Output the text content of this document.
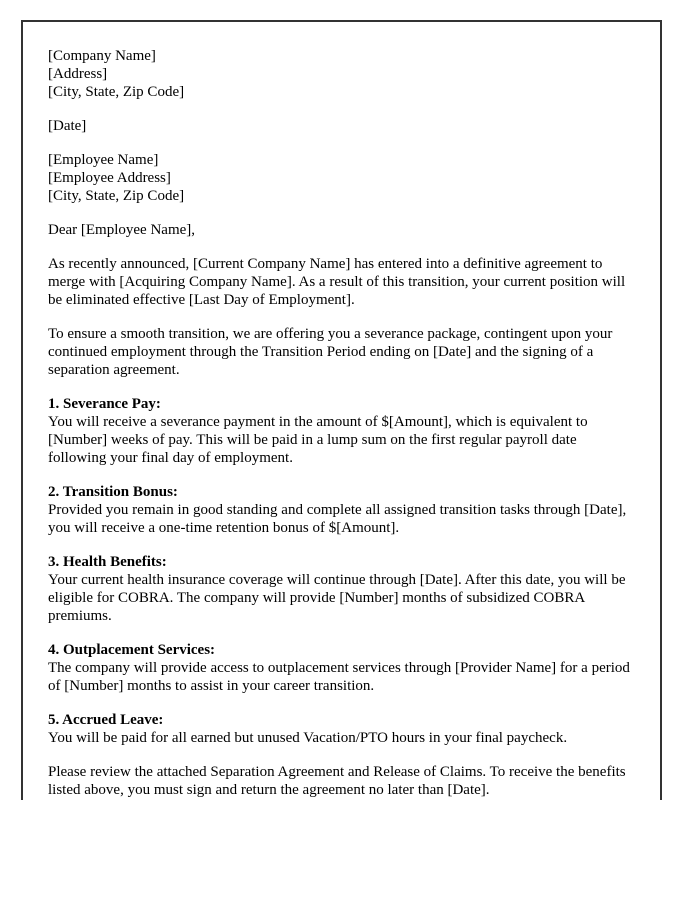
[Company Name]
[Address]
[City, State, Zip Code]
[Date]
[Employee Name]
[Employee Address]
[City, State, Zip Code]

Dear [Employee Name],

As recently announced, [Current Company Name] has entered into a definitive agreement to merge with [Acquiring Company Name]. As a result of this transition, your current position will be eliminated effective [Last Day of Employment].

To ensure a smooth transition, we are offering you a severance package, contingent upon your continued employment through the Transition Period ending on [Date] and the signing of a separation agreement.

1. Severance Pay:

You will receive a severance payment in the amount of $[Amount], which is equivalent to [Number] weeks of pay. This will be paid in a lump sum on the first regular payroll date following your final day of employment.

2. Transition Bonus:

Provided you remain in good standing and complete all assigned transition tasks through [Date], you will receive a one-time retention bonus of $[Amount].

3. Health Benefits:

Your current health insurance coverage will continue through [Date]. After this date, you will be eligible for COBRA. The company will provide [Number] months of subsidized COBRA premiums.

4. Outplacement Services:

The company will provide access to outplacement services through [Provider Name] for a period of [Number] months to assist in your career transition.

5. Accrued Leave:

You will be paid for all earned but unused Vacation/PTO hours in your final paycheck.

Please review the attached Separation Agreement and Release of Claims. To receive the benefits listed above, you must sign and return the agreement no later than [Date].
